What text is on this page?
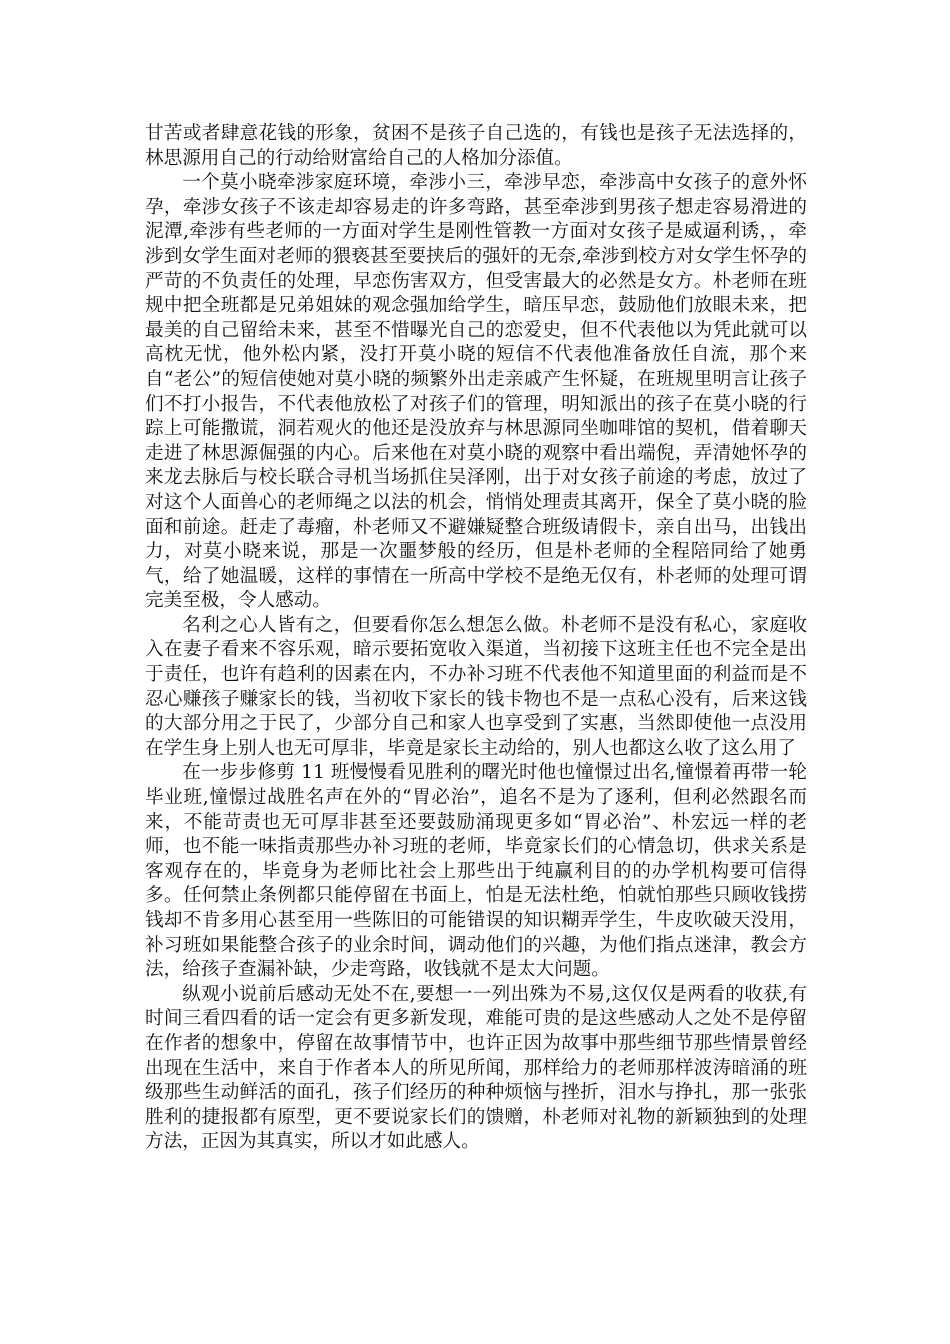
甘苦或者肆意花钱的形象，贫困不是孩子自己选的，有钱也是孩子无法选择的，林思源用自己的行动给财富给自己的人格加分添值。

一个莫小晓牵涉家庭环境，牵涉小三，牵涉早恋，牵涉高中女孩子的意外怀孕，牵涉女孩子不该走却容易走的许多弯路，甚至牵涉到男孩子想走容易滑进的泥潭,牵涉有些老师的一方面对学生是刚性管教一方面对女孩子是威逼利诱，，牵涉到女学生面对老师的猥亵甚至要挟后的强奸的无奈,牵涉到校方对女学生怀孕的严苛的不负责任的处理，早恋伤害双方，但受害最大的必然是女方。朴老师在班规中把全班都是兄弟姐妹的观念强加给学生，暗压早恋，鼓励他们放眼未来，把最美的自己留给未来，甚至不惜曝光自己的恋爱史，但不代表他以为凭此就可以高枕无忧，他外松内紧，没打开莫小晓的短信不代表他准备放任自流，那个来自“老公”的短信使她对莫小晓的频繁外出走亲戚产生怀疑，在班规里明言让孩子们不打小报告，不代表他放松了对孩子们的管理，明知派出的孩子在莫小晓的行踪上可能撒谎，洞若观火的他还是没放弃与林思源同坐咖啡馆的契机，借着聊天走进了林思源倔强的内心。后来他在对莫小晓的观察中看出端倪，弄清她怀孕的来龙去脉后与校长联合寻机当场抓住吴泽刚，出于对女孩子前途的考虑，放过了对这个人面兽心的老师绳之以法的机会，悄悄处理责其离开，保全了莫小晓的脸面和前途。赶走了毒瘤，朴老师又不避嫌疑整合班级请假卡，亲自出马，出钱出力，对莫小晓来说，那是一次噩梦般的经历，但是朴老师的全程陪同给了她勇气，给了她温暖，这样的事情在一所高中学校不是绝无仅有，朴老师的处理可谓完美至极，令人感动。

名利之心人皆有之，但要看你怎么想怎么做。朴老师不是没有私心，家庭收入在妻子看来不容乐观，暗示要拓宽收入渠道，当初接下这班主任也不完全是出于责任，也许有趋利的因素在内，不办补习班不代表他不知道里面的利益而是不忍心赚孩子赚家长的钱，当初收下家长的钱卡物也不是一点私心没有，后来这钱的大部分用之于民了，少部分自己和家人也享受到了实惠，当然即使他一点没用在学生身上别人也无可厚非，毕竟是家长主动给的，别人也都这么收了这么用了

在一步步修剪 11 班慢慢看见胜利的曙光时他也憧憬过出名,憧憬着再带一轮毕业班,憧憬过战胜名声在外的“胃必治”，追名不是为了逐利，但利必然跟名而来，不能苛责也无可厚非甚至还要鼓励涌现更多如“胃必治”、朴宏远一样的老师，也不能一味指责那些办补习班的老师，毕竟家长们的心情急切，供求关系是客观存在的，毕竟身为老师比社会上那些出于纯赢利目的的办学机构要可信得多。任何禁止条例都只能停留在书面上，怕是无法杜绝，怕就怕那些只顾收钱捞钱却不肯多用心甚至用一些陈旧的可能错误的知识糊弄学生，牛皮吹破天没用，补习班如果能整合孩子的业余时间，调动他们的兴趣，为他们指点迷津，教会方法，给孩子查漏补缺，少走弯路，收钱就不是太大问题。

纵观小说前后感动无处不在,要想一一列出殊为不易,这仅仅是两看的收获,有时间三看四看的话一定会有更多新发现，难能可贵的是这些感动人之处不是停留在作者的想象中，停留在故事情节中，也许正因为故事中那些细节那些情景曾经出现在生活中，来自于作者本人的所见所闻，那样给力的老师那样波涛暗涌的班级那些生动鲜活的面孔，孩子们经历的种种烦恼与挫折，泪水与挣扎，那一张张胜利的捷报都有原型，更不要说家长们的馈赠，朴老师对礼物的新颖独到的处理方法，正因为其真实，所以才如此感人。
